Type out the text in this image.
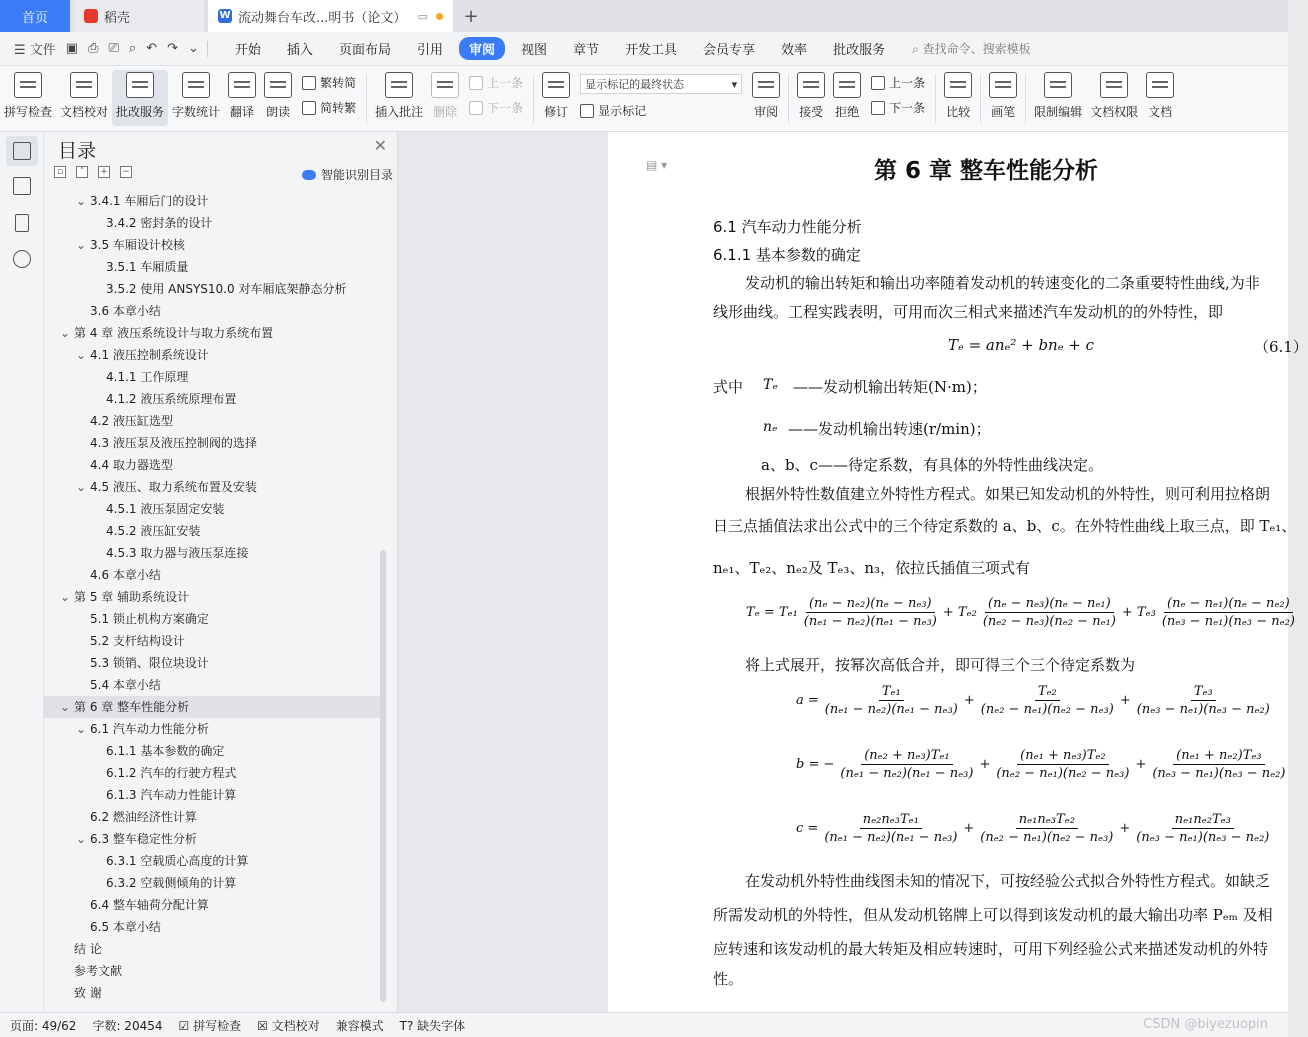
首页	稻壳	W 流动舞台车改...明书（论文） ▭ +
☰ 文件 ▣ ⎙ ⎚ ⌕ ↶ ↷ ⌄	开始	插入	页面布局	引用	审阅	视图	章节	开发工具	会员专享	效率	批改服务	⌕ 查找命令、搜索模板
拼写检查 文档校对 批改服务 字数统计 翻译 朗读
繁转简
简转繁 插入批注 删除
上一条
下一条 修订
显示标记的最终状态	▾
显示标记	审阅 接受 拒绝
上一条
下一条 比较 画笔 限制编辑 文档权限 文档
目录	✕
▫	˄	+ −	智能识别目录
⌄ 3.4.1 车厢后门的设计
3.4.2 密封条的设计
⌄ 3.5 车厢设计校核
3.5.1 车厢质量
3.5.2 使用 ANSYS10.0 对车厢底架静态分析
3.6 本章小结
⌄ 第 4 章 液压系统设计与取力系统布置
⌄ 4.1 液压控制系统设计
4.1.1 工作原理
4.1.2 液压系统原理布置
4.2 液压缸选型
4.3 液压泵及液压控制阀的选择
4.4 取力器选型
⌄ 4.5 液压、取力系统布置及安装
4.5.1 液压泵固定安装
4.5.2 液压缸安装
4.5.3 取力器与液压泵连接
4.6 本章小结
⌄ 第 5 章 辅助系统设计
5.1 锁止机构方案确定
5.2 支杆结构设计
5.3 锁销、限位块设计
5.4 本章小结
⌄ 第 6 章 整车性能分析
⌄ 6.1 汽车动力性能分析
6.1.1 基本参数的确定
6.1.2 汽车的行驶方程式
6.1.3 汽车动力性能计算
6.2 燃油经济性计算
⌄ 6.3 整车稳定性分析
6.3.1 空载质心高度的计算
6.3.2 空载侧倾角的计算
6.4 整车轴荷分配计算
6.5 本章小结
结 论
参考文献
致 谢
▤ ▾	第 6 章 整车性能分析
6.1 汽车动力性能分析
6.1.1 基本参数的确定
发动机的输出转矩和输出功率随着发动机的转速变化的二条重要特性曲线,为非
线形曲线。工程实践表明，可用而次三相式来描述汽车发动机的的外特性，即
Tₑ = anₑ² + bnₑ + c	（6.1）
式中 Tₑ ——发动机输出转矩(N·m)；
nₑ ——发动机输出转速(r/min)；
a、b、c——待定系数，有具体的外特性曲线决定。
根据外特性数值建立外特性方程式。如果已知发动机的外特性，则可利用拉格朗
日三点插值法求出公式中的三个待定系数的 a、b、c。在外特性曲线上取三点，即 Tₑ₁、
nₑ₁、Tₑ₂、nₑ₂及 Tₑ₃、n₃，依拉氏插值三项式有
$T_e = T_{e1} \frac{\text{(nₑ − nₑ₂)(nₑ − nₑ₃)}}{\text{(nₑ₁ − nₑ₂)(nₑ₁ − nₑ₃)}} + T_{e2} \frac{\text{(nₑ − nₑ₃)(nₑ − nₑ₁)}}{\text{(nₑ₂ − nₑ₃)(nₑ₂ − nₑ₁)}} + T_{e3} \frac{\text{(nₑ − nₑ₁)(nₑ − nₑ₂)}}{\text{(nₑ₃ − nₑ₁)(nₑ₃ − nₑ₂)}}$
将上式展开，按幂次高低合并，即可得三个三个待定系数为
$a = \frac{\text{Tₑ₁}}{\text{(nₑ₁ − nₑ₂)(nₑ₁ − nₑ₃)}} + \frac{\text{Tₑ₂}}{\text{(nₑ₂ − nₑ₁)(nₑ₂ − nₑ₃)}} + \frac{\text{Tₑ₃}}{\text{(nₑ₃ − nₑ₁)(nₑ₃ − nₑ₂)}}$
b = − $\frac{\text{(nₑ₂ + nₑ₃)Tₑ₁}}{\text{(nₑ₁ − nₑ₂)(nₑ₁ − nₑ₃)}} + \frac{\text{(nₑ₁ + nₑ₃)Tₑ₂}}{\text{(nₑ₂ − nₑ₁)(nₑ₂ − nₑ₃)}} + \frac{\text{(nₑ₁ + nₑ₂)Tₑ₃}}{\text{(nₑ₃ − nₑ₁)(nₑ₃ − nₑ₂)}}$
$c = \frac{\text{nₑ₂nₑ₃Tₑ₁}}{\text{(nₑ₁ − nₑ₂)(nₑ₁ − nₑ₃)}} + \frac{\text{nₑ₁nₑ₃Tₑ₂}}{\text{(nₑ₂ − nₑ₁)(nₑ₂ − nₑ₃)}} + \frac{\text{nₑ₁nₑ₂Tₑ₃}}{\text{(nₑ₃ − nₑ₁)(nₑ₃ − nₑ₂)}}$
在发动机外特性曲线图未知的情况下，可按经验公式拟合外特性方程式。如缺乏
所需发动机的外特性，但从发动机铭牌上可以得到该发动机的最大输出功率 Pₑₘ 及相
应转速和该发动机的最大转矩及相应转速时，可用下列经验公式来描述发动机的外特
性。
页面: 49/62 字数: 20454 ☑ 拼写检查 ☒ 文档校对 兼容模式 T? 缺失字体	CSDN @biyezuopin
